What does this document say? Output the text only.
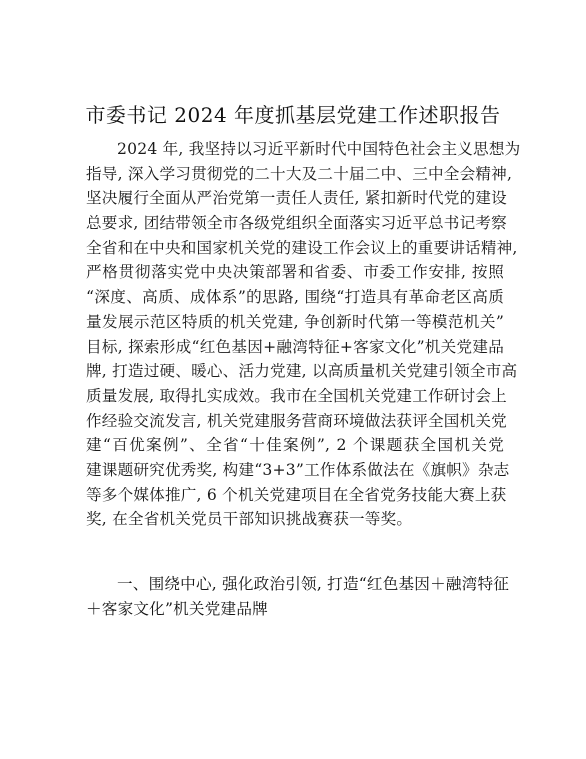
市委书记 2024 年度抓基层党建工作述职报告
2024 年, 我坚持以习近平新时代中国特色社会主义思想为
指导, 深入学习贯彻党的二十大及二十届二中、三中全会精神,
坚决履行全面从严治党第一责任人责任, 紧扣新时代党的建设
总要求, 团结带领全市各级党组织全面落实习近平总书记考察
全省和在中央和国家机关党的建设工作会议上的重要讲话精神,
严格贯彻落实党中央决策部署和省委、市委工作安排, 按照
“深度、高质、成体系”的思路, 围绕“打造具有革命老区高质
量发展示范区特质的机关党建, 争创新时代第一等模范机关”
目标, 探索形成“红色基因+融湾特征+客家文化”机关党建品
牌, 打造过硬、暖心、活力党建, 以高质量机关党建引领全市高
质量发展, 取得扎实成效。我市在全国机关党建工作研讨会上
作经验交流发言, 机关党建服务营商环境做法获评全国机关党
建“百优案例”、全省“十佳案例”, 2 个课题获全国机关党
建课题研究优秀奖, 构建“3+3”工作体系做法在《旗帜》杂志
等多个媒体推广, 6 个机关党建项目在全省党务技能大赛上获
奖, 在全省机关党员干部知识挑战赛获一等奖。
一、围绕中心, 强化政治引领, 打造“红色基因＋融湾特征
＋客家文化”机关党建品牌
